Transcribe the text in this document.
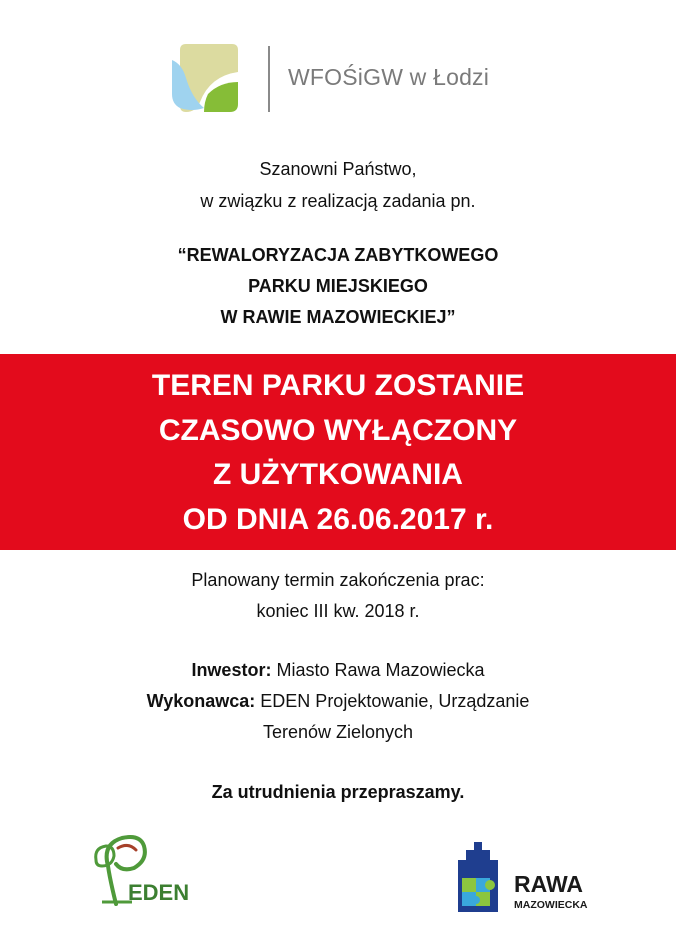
WFOŚiGW w Łodzi
Szanowni Państwo,
w związku z realizacją zadania pn.
“REWALORYZACJA ZABYTKOWEGO
PARKU MIEJSKIEGO
W RAWIE MAZOWIECKIEJ”
TEREN PARKU ZOSTANIE
CZASOWO WYŁĄCZONY
Z UŻYTKOWANIA
OD DNIA 26.06.2017 r.
Planowany termin zakończenia prac:
koniec III kw. 2018 r.
Inwestor: Miasto Rawa Mazowiecka
Wykonawca: EDEN Projektowanie, Urządzanie
Terenów Zielonych
Za utrudnienia przepraszamy.
EDEN	RAWA
MAZOWIECKA
